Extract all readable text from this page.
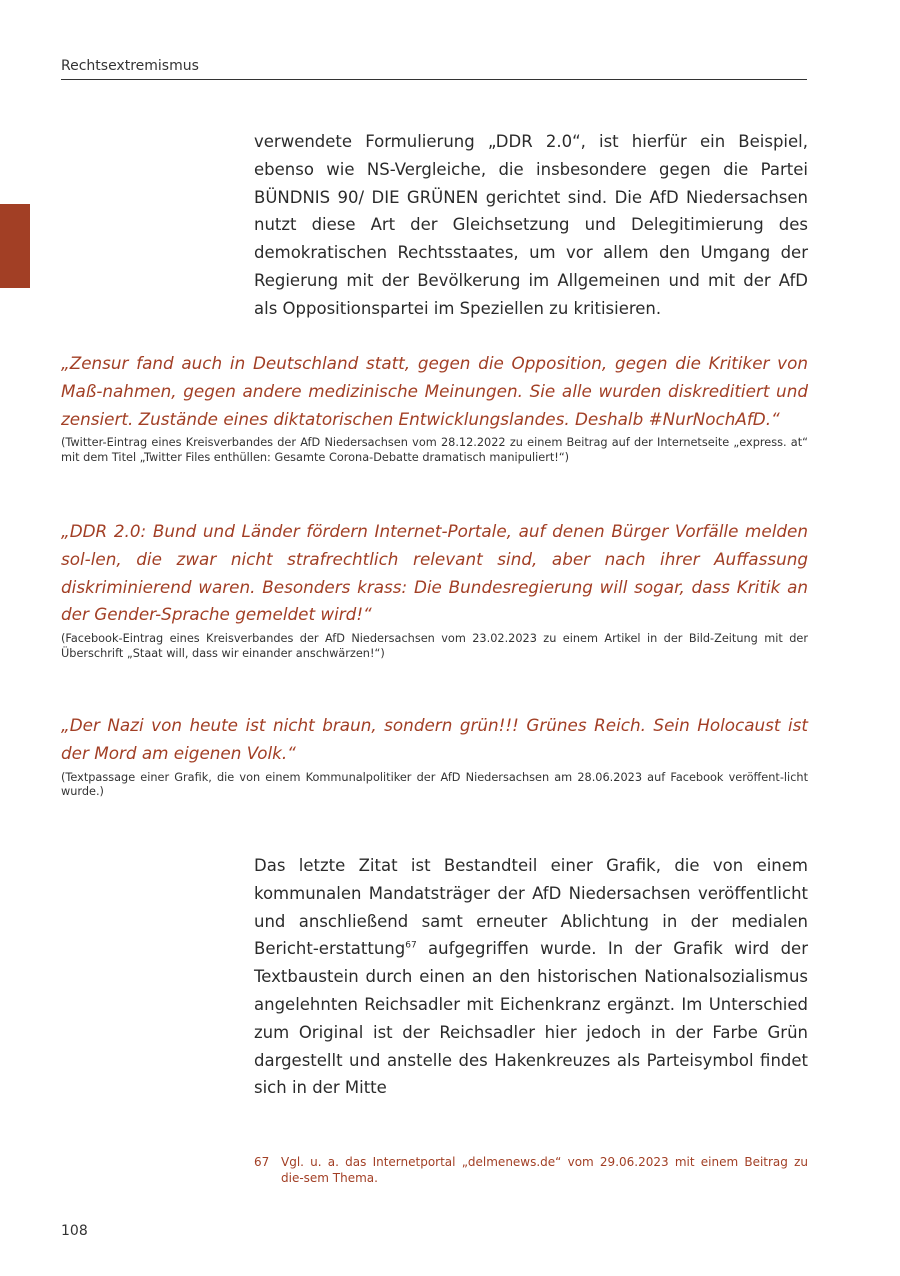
Rechtsextremismus

verwendete Formulierung „DDR 2.0“, ist hierfür ein Beispiel, ebenso wie NS-Vergleiche, die insbesondere gegen die Partei BÜNDNIS 90/ DIE GRÜNEN gerichtet sind. Die AfD Niedersachsen nutzt diese Art der Gleichsetzung und Delegitimierung des demokratischen Rechtsstaates, um vor allem den Umgang der Regierung mit der Bevölkerung im Allgemeinen und mit der AfD als Oppositionspartei im Speziellen zu kritisieren.

„Zensur fand auch in Deutschland statt, gegen die Opposition, gegen die Kritiker von Maß-nahmen, gegen andere medizinische Meinungen. Sie alle wurden diskreditiert und zensiert. Zustände eines diktatorischen Entwicklungslandes. Deshalb #NurNochAfD.“

(Twitter-Eintrag eines Kreisverbandes der AfD Niedersachsen vom 28.12.2022 zu einem Beitrag auf der Internetseite „express. at“ mit dem Titel „Twitter Files enthüllen: Gesamte Corona-Debatte dramatisch manipuliert!“)

„DDR 2.0: Bund und Länder fördern Internet-Portale, auf denen Bürger Vorfälle melden sol-len, die zwar nicht strafrechtlich relevant sind, aber nach ihrer Auffassung diskriminierend waren. Besonders krass: Die Bundesregierung will sogar, dass Kritik an der Gender-Sprache gemeldet wird!“

(Facebook-Eintrag eines Kreisverbandes der AfD Niedersachsen vom 23.02.2023 zu einem Artikel in der Bild-Zeitung mit der Überschrift „Staat will, dass wir einander anschwärzen!“)

„Der Nazi von heute ist nicht braun, sondern grün!!! Grünes Reich. Sein Holocaust ist der Mord am eigenen Volk.“

(Textpassage einer Grafik, die von einem Kommunalpolitiker der AfD Niedersachsen am 28.06.2023 auf Facebook veröffent-licht wurde.)

Das letzte Zitat ist Bestandteil einer Grafik, die von einem kommunalen Mandatsträger der AfD Niedersachsen veröffentlicht und anschließend samt erneuter Ablichtung in der medialen Bericht-erstattung$^{67}$ aufgegriffen wurde. In der Grafik wird der Textbaustein durch einen an den historischen Nationalsozialismus angelehnten Reichsadler mit Eichenkranz ergänzt. Im Unterschied zum Original ist der Reichsadler hier jedoch in der Farbe Grün dargestellt und anstelle des Hakenkreuzes als Parteisymbol findet sich in der Mitte

67 Vgl. u. a. das Internetportal „delmenews.de“ vom 29.06.2023 mit einem Beitrag zu die-sem Thema.
108
